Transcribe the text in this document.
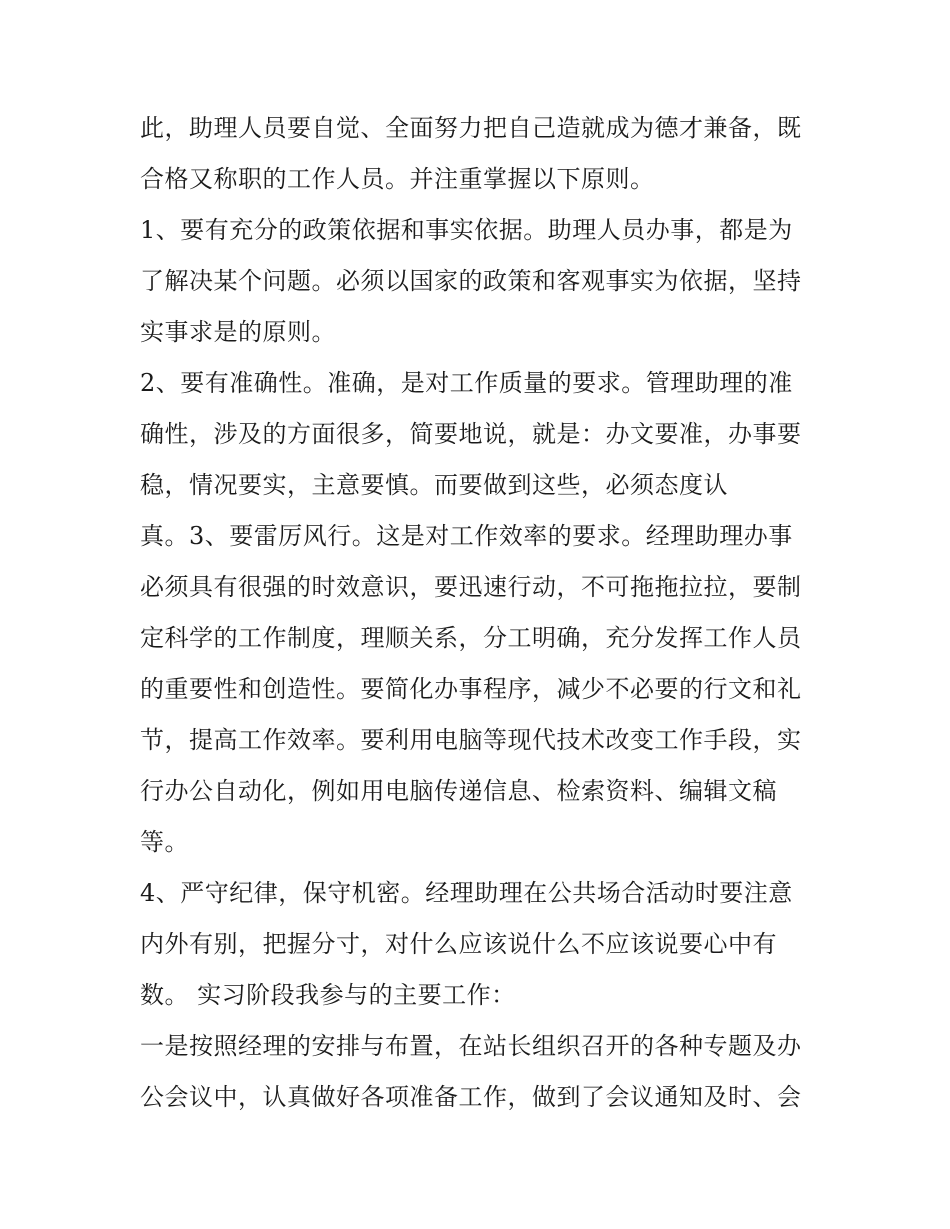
此，助理人员要自觉、全面努力把自己造就成为德才兼备，既
合格又称职的工作人员。并注重掌握以下原则。
1、要有充分的政策依据和事实依据。助理人员办事，都是为
了解决某个问题。必须以国家的政策和客观事实为依据，坚持
实事求是的原则。
2、要有准确性。准确，是对工作质量的要求。管理助理的准
确性，涉及的方面很多，简要地说，就是：办文要准，办事要
稳，情况要实，主意要慎。而要做到这些，必须态度认
真。3、要雷厉风行。这是对工作效率的要求。经理助理办事
必须具有很强的时效意识，要迅速行动，不可拖拖拉拉，要制
定科学的工作制度，理顺关系，分工明确，充分发挥工作人员
的重要性和创造性。要简化办事程序，减少不必要的行文和礼
节，提高工作效率。要利用电脑等现代技术改变工作手段，实
行办公自动化，例如用电脑传递信息、检索资料、编辑文稿
等。
4、严守纪律，保守机密。经理助理在公共场合活动时要注意
内外有别，把握分寸，对什么应该说什么不应该说要心中有
数。 实习阶段我参与的主要工作：
一是按照经理的安排与布置，在站长组织召开的各种专题及办
公会议中，认真做好各项准备工作，做到了会议通知及时、会
